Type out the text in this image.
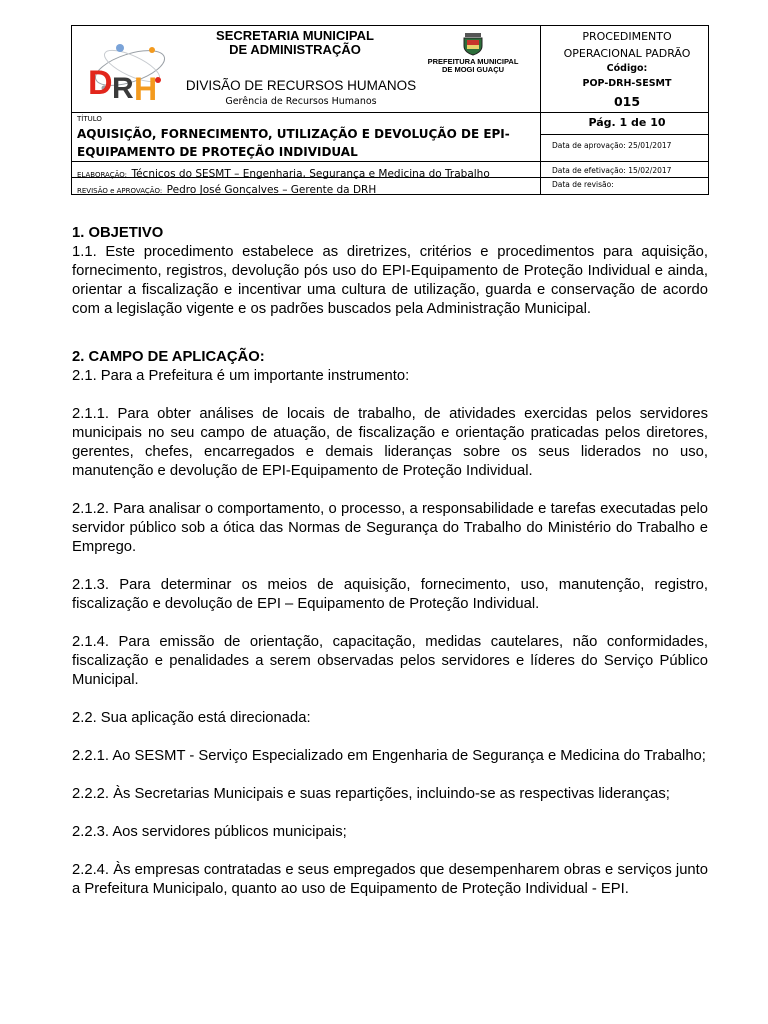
D R H
SECRETARIA MUNICIPAL
DE ADMINISTRAÇÃO
DIVISÃO DE RECURSOS HUMANOS
Gerência de Recursos Humanos
PREFEITURA MUNICIPAL
DE MOGI GUAÇU
PROCEDIMENTO
OPERACIONAL PADRÃO
Código:
POP-DRH-SESMT
015
TÍTULO
AQUISIÇÃO, FORNECIMENTO, UTILIZAÇÃO E DEVOLUÇÃO DE EPI-
EQUIPAMENTO DE PROTEÇÃO INDIVIDUAL
Pág. 1 de 10
Data de aprovação: 25/01/2017
ELABORAÇÃO: Técnicos do SESMT – Engenharia, Segurança e Medicina do Trabalho	Data de efetivação: 15/02/2017
REVISÃO e APROVAÇÃO: Pedro José Gonçalves – Gerente da DRH	Data de revisão:
1. OBJETIVO

1.1. Este procedimento estabelece as diretrizes, critérios e procedimentos para aquisição, fornecimento, registros, devolução pós uso do EPI-Equipamento de Proteção Individual e ainda, orientar a fiscalização e incentivar uma cultura de utilização, guarda e conservação de acordo com a legislação vigente e os padrões buscados pela Administração Municipal.

2. CAMPO DE APLICAÇÃO:

2.1. Para a Prefeitura é um importante instrumento:

2.1.1. Para obter análises de locais de trabalho, de atividades exercidas pelos servidores municipais no seu campo de atuação, de fiscalização e orientação praticadas pelos diretores, gerentes, chefes, encarregados e demais lideranças sobre os seus liderados no uso, manutenção e devolução de EPI-Equipamento de Proteção Individual.

2.1.2. Para analisar o comportamento, o processo, a responsabilidade e tarefas executadas pelo servidor público sob a ótica das Normas de Segurança do Trabalho do Ministério do Trabalho e Emprego.

2.1.3. Para determinar os meios de aquisição, fornecimento, uso, manutenção, registro, fiscalização e devolução de EPI – Equipamento de Proteção Individual.

2.1.4. Para emissão de orientação, capacitação, medidas cautelares, não conformidades, fiscalização e penalidades a serem observadas pelos servidores e líderes do Serviço Público Municipal.

2.2. Sua aplicação está direcionada:

2.2.1. Ao SESMT - Serviço Especializado em Engenharia de Segurança e Medicina do Trabalho;

2.2.2. Às Secretarias Municipais e suas repartições, incluindo-se as respectivas lideranças;

2.2.3. Aos servidores públicos municipais;

2.2.4. Às empresas contratadas e seus empregados que desempenharem obras e serviços junto a Prefeitura Municipalo, quanto ao uso de Equipamento de Proteção Individual - EPI.
